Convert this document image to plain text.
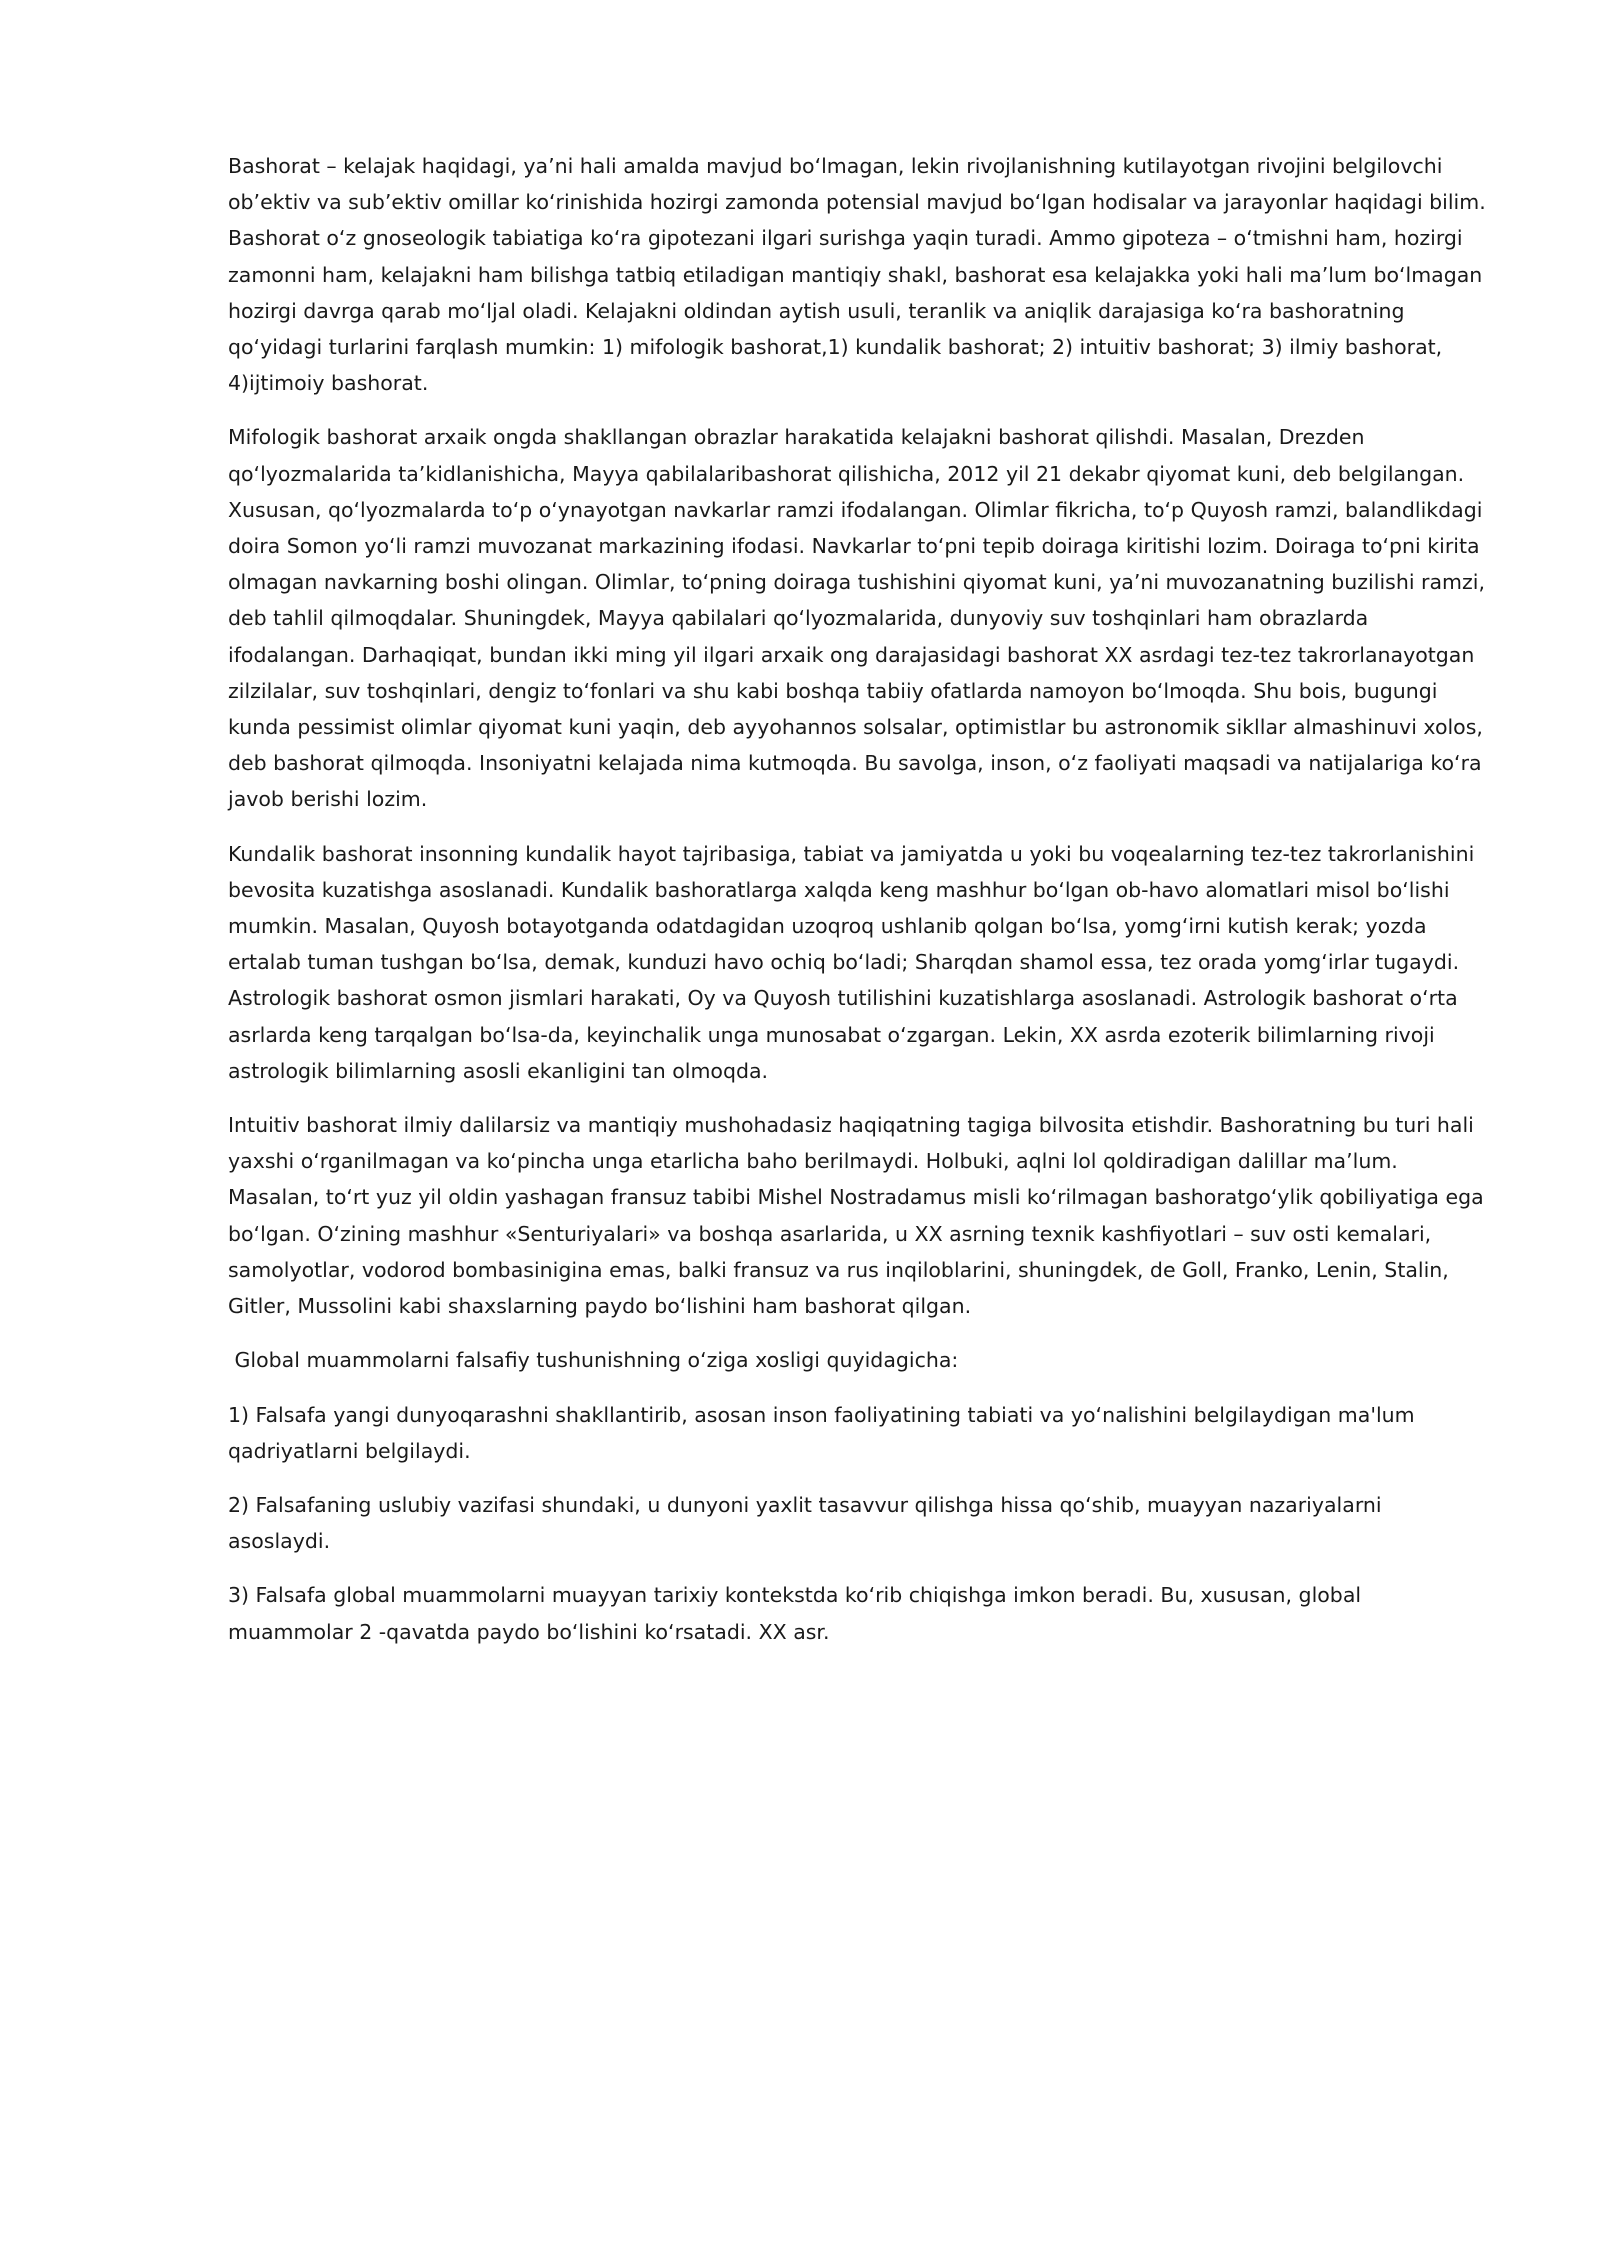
Bashorat – kelajak haqidagi, ya’ni hali amalda mavjud bo‘lmagan, lekin rivojlanishning kutilayotgan rivojini belgilovchi ob’ektiv va sub’ektiv omillar ko‘rinishida hozirgi zamonda potensial mavjud bo‘lgan hodisalar va jarayonlar haqidagi bilim. Bashorat o‘z gnoseologik tabiatiga ko‘ra gipotezani ilgari surishga yaqin turadi. Ammo gipoteza – o‘tmishni ham, hozirgi zamonni ham, kelajakni ham bilishga tatbiq etiladigan mantiqiy shakl, bashorat esa kelajakka yoki hali ma’lum bo‘lmagan hozirgi davrga qarab mo‘ljal oladi. Kelajakni oldindan aytish usuli, teranlik va aniqlik darajasiga ko‘ra bashoratning qo‘yidagi turlarini farqlash mumkin: 1) mifologik bashorat,1) kundalik bashorat; 2) intuitiv bashorat; 3) ilmiy bashorat, 4)ijtimoiy bashorat.

Mifologik bashorat arxaik ongda shakllangan obrazlar harakatida kelajakni bashorat qilishdi. Masalan, Drezden qo‘lyozmalarida ta’kidlanishicha, Mayya qabilalaribashorat qilishicha, 2012 yil 21 dekabr qiyomat kuni, deb belgilangan. Xususan, qo‘lyozmalarda to‘p o‘ynayotgan navkarlar ramzi ifodalangan. Olimlar fikricha, to‘p Quyosh ramzi, balandlikdagi doira Somon yo‘li ramzi muvozanat markazining ifodasi. Navkarlar to‘pni tepib doiraga kiritishi lozim. Doiraga to‘pni kirita olmagan navkarning boshi olingan. Olimlar, to‘pning doiraga tushishini qiyomat kuni, ya’ni muvozanatning buzilishi ramzi, deb tahlil qilmoqdalar. Shuningdek, Mayya qabilalari qo‘lyozmalarida, dunyoviy suv toshqinlari ham obrazlarda ifodalangan. Darhaqiqat, bundan ikki ming yil ilgari arxaik ong darajasidagi bashorat XX asrdagi tez-tez takrorlanayotgan zilzilalar, suv toshqinlari, dengiz to‘fonlari va shu kabi boshqa tabiiy ofatlarda namoyon bo‘lmoqda. Shu bois, bugungi kunda pessimist olimlar qiyomat kuni yaqin, deb ayyohannos solsalar, optimistlar bu astronomik sikllar almashinuvi xolos, deb bashorat qilmoqda. Insoniyatni kelajada nima kutmoqda. Bu savolga, inson, o‘z faoliyati maqsadi va natijalariga ko‘ra javob berishi lozim.

Kundalik bashorat insonning kundalik hayot tajribasiga, tabiat va jamiyatda u yoki bu voqealarning tez-tez takrorlanishini bevosita kuzatishga asoslanadi. Kundalik bashoratlarga xalqda keng mashhur bo‘lgan ob-havo alomatlari misol bo‘lishi mumkin. Masalan, Quyosh botayotganda odatdagidan uzoqroq ushlanib qolgan bo‘lsa, yomg‘irni kutish kerak; yozda ertalab tuman tushgan bo‘lsa, demak, kunduzi havo ochiq bo‘ladi; Sharqdan shamol essa, tez orada yomg‘irlar tugaydi. Astrologik bashorat osmon jismlari harakati, Oy va Quyosh tutilishini kuzatishlarga asoslanadi. Astrologik bashorat o‘rta asrlarda keng tarqalgan bo‘lsa-da, keyinchalik unga munosabat o‘zgargan. Lekin, XX asrda ezoterik bilimlarning rivoji astrologik bilimlarning asosli ekanligini tan olmoqda.

Intuitiv bashorat ilmiy dalilarsiz va mantiqiy mushohadasiz haqiqatning tagiga bilvosita etishdir. Bashoratning bu turi hali yaxshi o‘rganilmagan va ko‘pincha unga etarlicha baho berilmaydi. Holbuki, aqlni lol qoldiradigan dalillar ma’lum. Masalan, to‘rt yuz yil oldin yashagan fransuz tabibi Mishel Nostradamus misli ko‘rilmagan bashoratgo‘ylik qobiliyatiga ega bo‘lgan. O‘zining mashhur «Senturiyalari» va boshqa asarlarida, u XX asrning texnik kashfiyotlari – suv osti kemalari, samolyotlar, vodorod bombasinigina emas, balki fransuz va rus inqiloblarini, shuningdek, de Goll, Franko, Lenin, Stalin, Gitler, Mussolini kabi shaxslarning paydo bo‘lishini ham bashorat qilgan.

Global muammolarni falsafiy tushunishning o‘ziga xosligi quyidagicha:

1) Falsafa yangi dunyoqarashni shakllantirib, asosan inson faoliyatining tabiati va yo‘nalishini belgilaydigan ma'lum qadriyatlarni belgilaydi.

2) Falsafaning uslubiy vazifasi shundaki, u dunyoni yaxlit tasavvur qilishga hissa qo‘shib, muayyan nazariyalarni asoslaydi.

3) Falsafa global muammolarni muayyan tarixiy kontekstda ko‘rib chiqishga imkon beradi. Bu, xususan, global muammolar 2 -qavatda paydo bo‘lishini ko‘rsatadi. XX asr.
